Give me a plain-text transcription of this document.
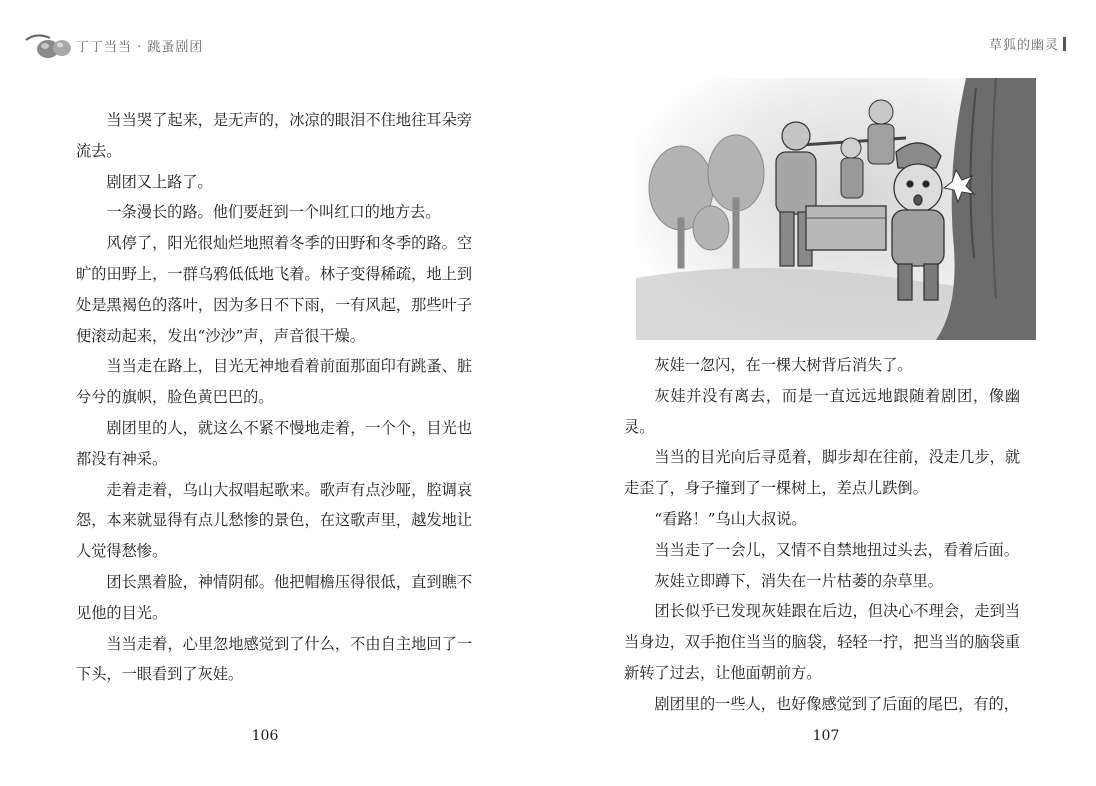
丁丁当当 · 跳蚤剧团

当当哭了起来，是无声的，冰凉的眼泪不住地往耳朵旁流去。

剧团又上路了。

一条漫长的路。他们要赶到一个叫红口的地方去。

风停了，阳光很灿烂地照着冬季的田野和冬季的路。空旷的田野上，一群乌鸦低低地飞着。林子变得稀疏，地上到处是黑褐色的落叶，因为多日不下雨，一有风起，那些叶子便滚动起来，发出“沙沙”声，声音很干燥。

当当走在路上，目光无神地看着前面那面印有跳蚤、脏兮兮的旗帜，脸色黄巴巴的。

剧团里的人，就这么不紧不慢地走着，一个个，目光也都没有神采。

走着走着，乌山大叔唱起歌来。歌声有点沙哑，腔调哀怨，本来就显得有点儿愁惨的景色，在这歌声里，越发地让人觉得愁惨。

团长黑着脸，神情阴郁。他把帽檐压得很低，直到瞧不见他的目光。

当当走着，心里忽地感觉到了什么，不由自主地回了一下头，一眼看到了灰娃。

106
草狐的幽灵

灰娃一忽闪，在一棵大树背后消失了。

灰娃并没有离去，而是一直远远地跟随着剧团，像幽灵。

当当的目光向后寻觅着，脚步却在往前，没走几步，就走歪了，身子撞到了一棵树上，差点儿跌倒。

“看路！”乌山大叔说。

当当走了一会儿，又情不自禁地扭过头去，看着后面。

灰娃立即蹲下，消失在一片枯萎的杂草里。

团长似乎已发现灰娃跟在后边，但决心不理会，走到当当身边，双手抱住当当的脑袋，轻轻一拧，把当当的脑袋重新转了过去，让他面朝前方。

剧团里的一些人，也好像感觉到了后面的尾巴，有的，

107
